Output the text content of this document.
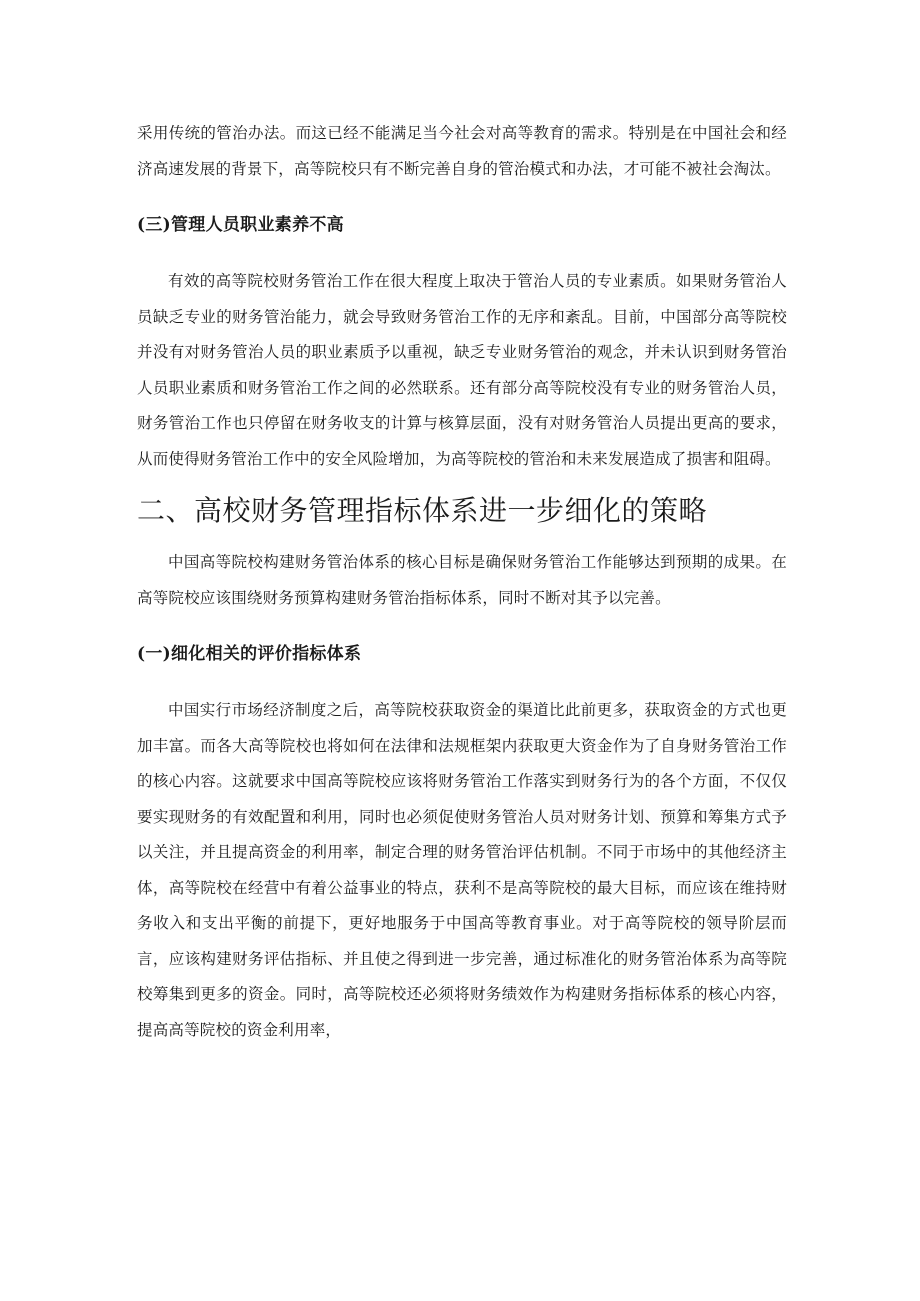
采用传统的管治办法。而这已经不能满足当今社会对高等教育的需求。特别是在中国社会和经济高速发展的背景下，高等院校只有不断完善自身的管治模式和办法，才可能不被社会淘汰。

(三)管理人员职业素养不高

有效的高等院校财务管治工作在很大程度上取决于管治人员的专业素质。如果财务管治人员缺乏专业的财务管治能力，就会导致财务管治工作的无序和紊乱。目前，中国部分高等院校并没有对财务管治人员的职业素质予以重视，缺乏专业财务管治的观念，并未认识到财务管治人员职业素质和财务管治工作之间的必然联系。还有部分高等院校没有专业的财务管治人员，财务管治工作也只停留在财务收支的计算与核算层面，没有对财务管治人员提出更高的要求，从而使得财务管治工作中的安全风险增加，为高等院校的管治和未来发展造成了损害和阻碍。

二、高校财务管理指标体系进一步细化的策略

中国高等院校构建财务管治体系的核心目标是确保财务管治工作能够达到预期的成果。在高等院校应该围绕财务预算构建财务管治指标体系，同时不断对其予以完善。

(一)细化相关的评价指标体系

中国实行市场经济制度之后，高等院校获取资金的渠道比此前更多，获取资金的方式也更加丰富。而各大高等院校也将如何在法律和法规框架内获取更大资金作为了自身财务管治工作的核心内容。这就要求中国高等院校应该将财务管治工作落实到财务行为的各个方面，不仅仅要实现财务的有效配置和利用，同时也必须促使财务管治人员对财务计划、预算和筹集方式予以关注，并且提高资金的利用率，制定合理的财务管治评估机制。不同于市场中的其他经济主体，高等院校在经营中有着公益事业的特点，获利不是高等院校的最大目标，而应该在维持财务收入和支出平衡的前提下，更好地服务于中国高等教育事业。对于高等院校的领导阶层而言，应该构建财务评估指标、并且使之得到进一步完善，通过标准化的财务管治体系为高等院校筹集到更多的资金。同时，高等院校还必须将财务绩效作为构建财务指标体系的核心内容，提高高等院校的资金利用率，
